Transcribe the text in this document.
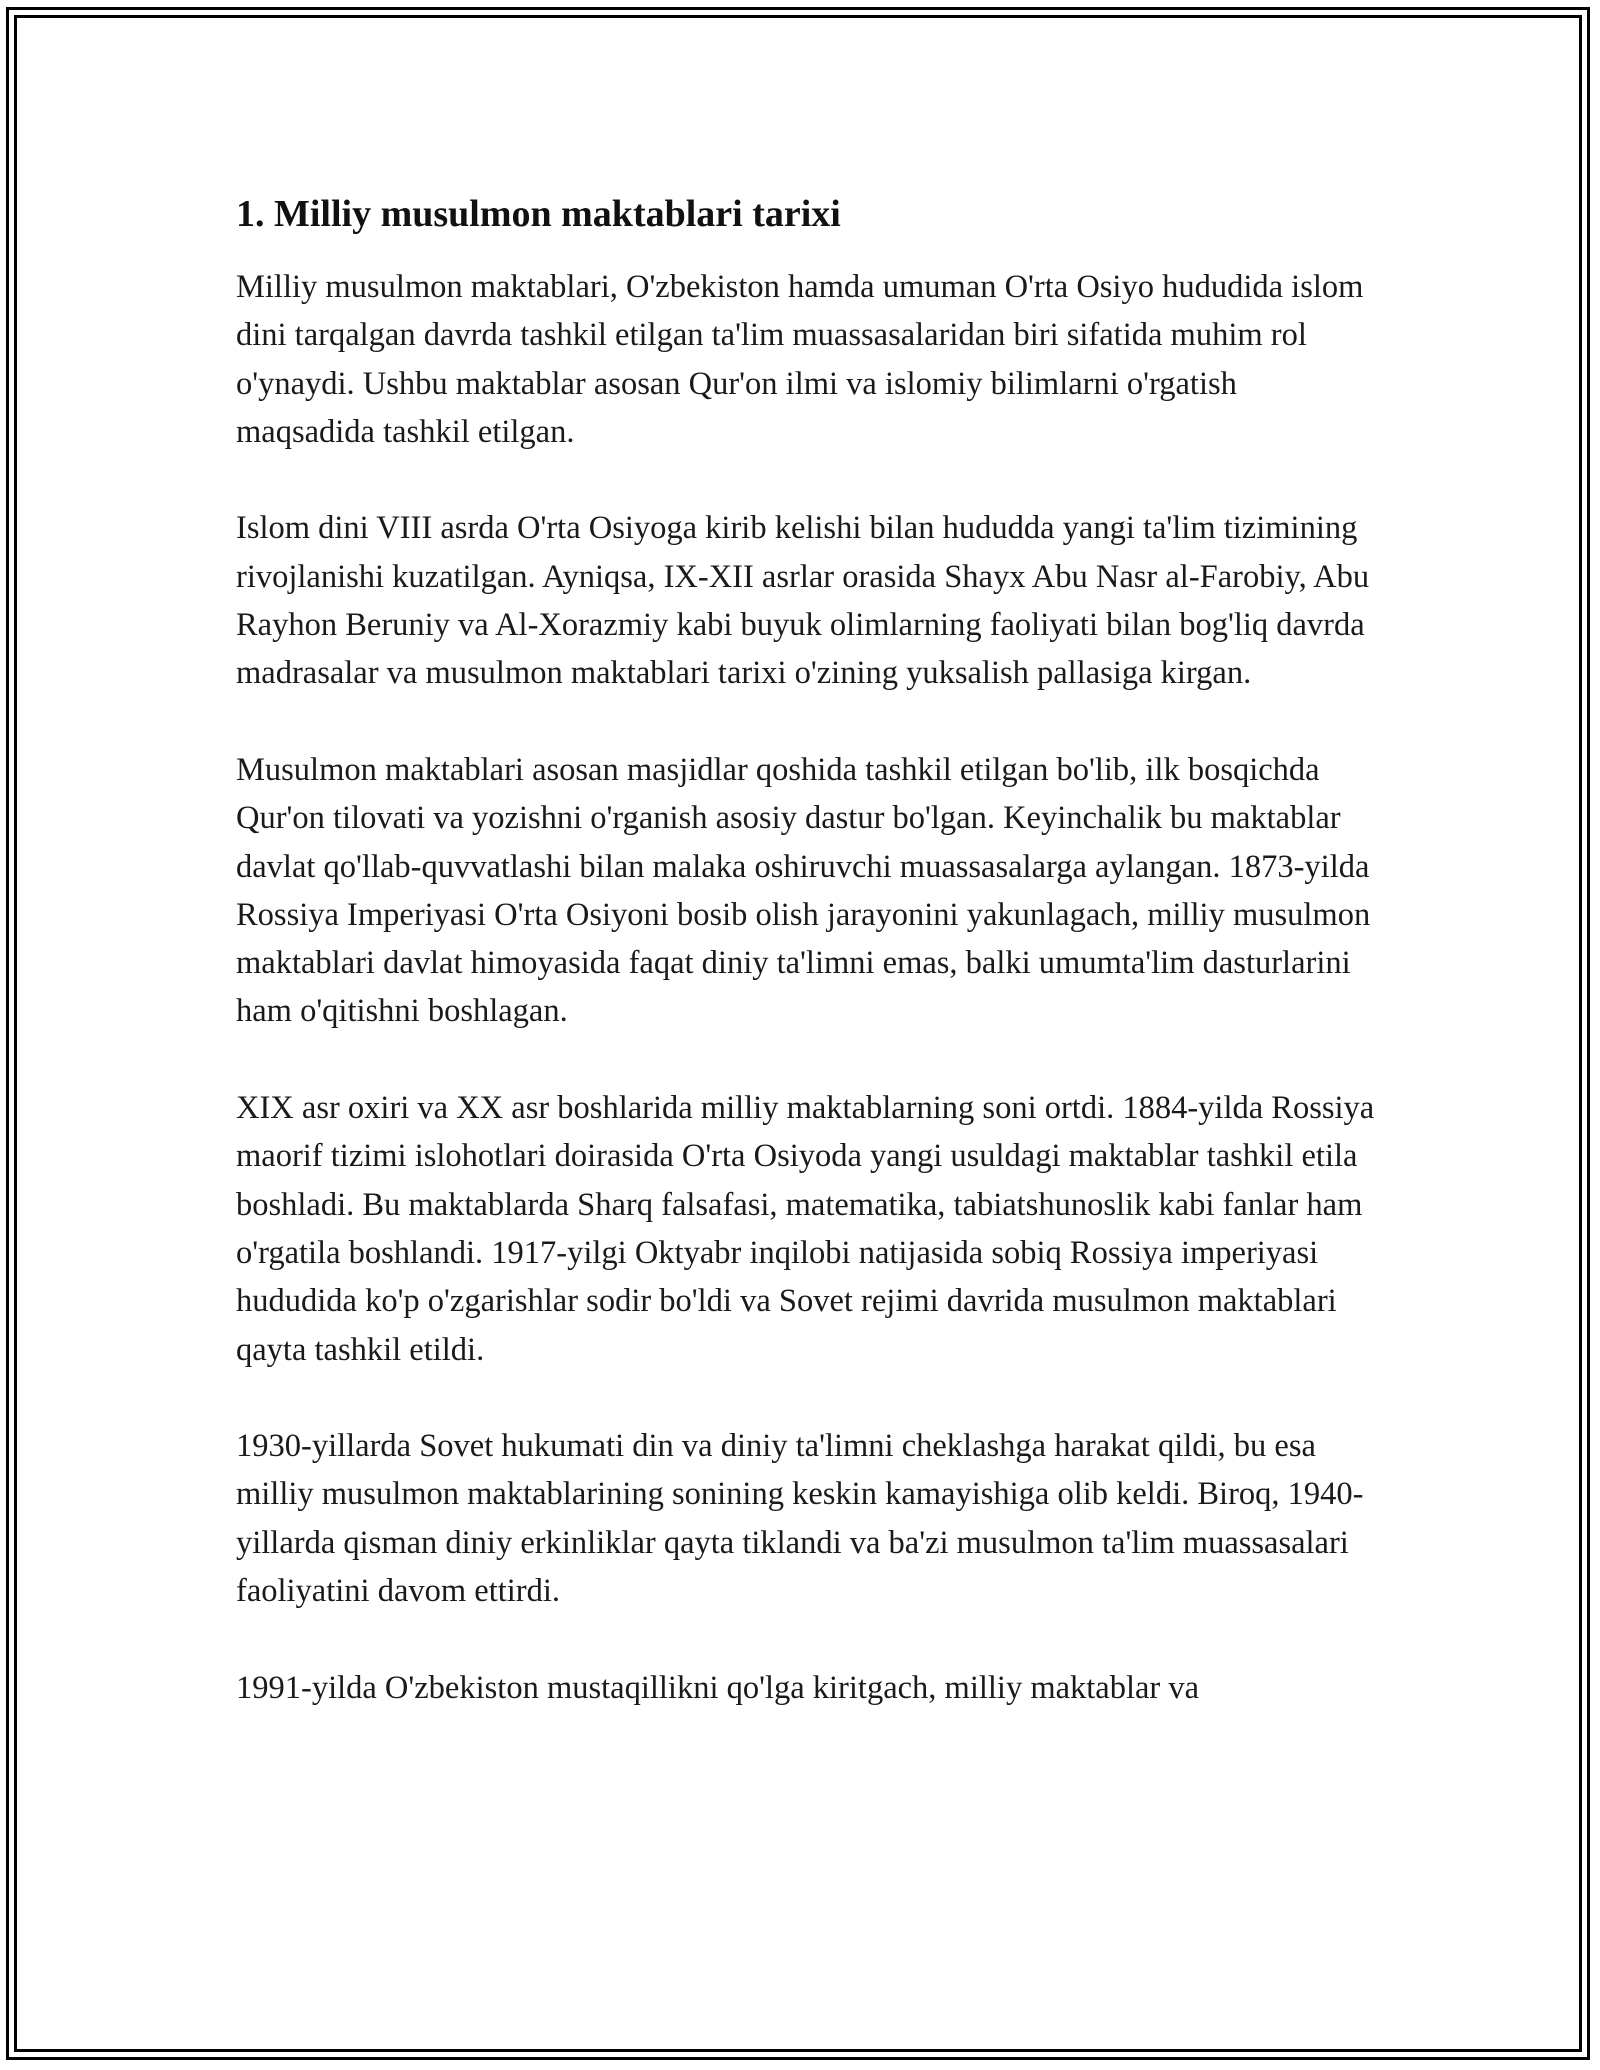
1. Milliy musulmon maktablari tarixi

Milliy musulmon maktablari, O'zbekiston hamda umuman O'rta Osiyo hududida islom dini tarqalgan davrda tashkil etilgan ta'lim muassasalaridan biri sifatida muhim rol o'ynaydi. Ushbu maktablar asosan Qur'on ilmi va islomiy bilimlarni o'rgatish maqsadida tashkil etilgan.

Islom dini VIII asrda O'rta Osiyoga kirib kelishi bilan hududda yangi ta'lim tizimining rivojlanishi kuzatilgan. Ayniqsa, IX-XII asrlar orasida Shayx Abu Nasr al-Farobiy, Abu Rayhon Beruniy va Al-Xorazmiy kabi buyuk olimlarning faoliyati bilan bog'liq davrda madrasalar va musulmon maktablari tarixi o'zining yuksalish pallasiga kirgan.

Musulmon maktablari asosan masjidlar qoshida tashkil etilgan bo'lib, ilk bosqichda Qur'on tilovati va yozishni o'rganish asosiy dastur bo'lgan. Keyinchalik bu maktablar davlat qo'llab-quvvatlashi bilan malaka oshiruvchi muassasalarga aylangan. 1873-yilda Rossiya Imperiyasi O'rta Osiyoni bosib olish jarayonini yakunlagach, milliy musulmon maktablari davlat himoyasida faqat diniy ta'limni emas, balki umumta'lim dasturlarini ham o'qitishni boshlagan.

XIX asr oxiri va XX asr boshlarida milliy maktablarning soni ortdi. 1884-yilda Rossiya maorif tizimi islohotlari doirasida O'rta Osiyoda yangi usuldagi maktablar tashkil etila boshladi. Bu maktablarda Sharq falsafasi, matematika, tabiatshunoslik kabi fanlar ham o'rgatila boshlandi. 1917-yilgi Oktyabr inqilobi natijasida sobiq Rossiya imperiyasi hududida ko'p o'zgarishlar sodir bo'ldi va Sovet rejimi davrida musulmon maktablari qayta tashkil etildi.

1930-yillarda Sovet hukumati din va diniy ta'limni cheklashga harakat qildi, bu esa milliy musulmon maktablarining sonining keskin kamayishiga olib keldi. Biroq, 1940-yillarda qisman diniy erkinliklar qayta tiklandi va ba'zi musulmon ta'lim muassasalari faoliyatini davom ettirdi.

1991-yilda O'zbekiston mustaqillikni qo'lga kiritgach, milliy maktablar va
